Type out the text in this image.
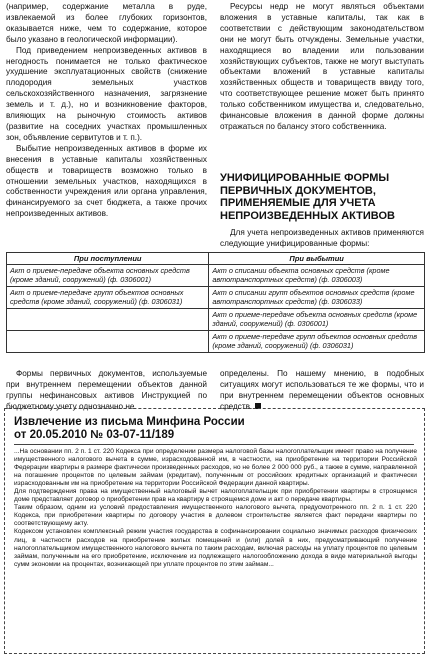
(например, содержание металла в руде, извлекаемой из более глубоких горизонтов, оказывается ниже, чем то содержание, которое было указано в геологической информации).

Под приведением непроизведенных активов в негодность понимается не только фактическое ухудшение эксплуатационных свойств (снижение плодородия земельных участков сельскохозяйственного назначения, загрязнение земель и т. д.), но и возникновение факторов, влияющих на рыночную стоимость активов (развитие на соседних участках промышленных зон, объявление сервитутов и т. п.).

Выбытие непроизведенных активов в форме их внесения в уставные капиталы хозяйственных обществ и товариществ возможно только в отношении земельных участков, находящихся в собственности учреждения или органа управления, финансируемого за счет бюджета, а также прочих непроизведенных активов.

Ресурсы недр не могут являться объектами вложения в уставные капиталы, так как в соответствии с действующим законодательством они не могут быть отчуждены. Земельные участки, находящиеся во владении или пользовании хозяйствующих субъектов, также не могут выступать объектами вложений в уставные капиталы хозяйственных обществ и товариществ ввиду того, что соответствующее решение может быть принято только собственником имущества и, следовательно, финансовые вложения в данной форме должны отражаться по балансу этого собственника.

УНИФИЦИРОВАННЫЕ ФОРМЫ ПЕРВИЧНЫХ ДОКУМЕНТОВ, ПРИМЕНЯЕМЫЕ ДЛЯ УЧЕТА НЕПРОИЗВЕДЕННЫХ АКТИВОВ

Для учета непроизведенных активов применяются следующие унифицированные формы:

При поступлении	При выбытии
Акт о приеме-передаче объекта основных средств (кроме зданий, сооружений) (ф. 0306001)	Акт о списании объекта основных средств (кроме автотранспортных средств) (ф. 0306003)
Акт о приеме-передаче групп объектов основных средств (кроме зданий, сооружений) (ф. 0306031)	Акт о списании групп объектов основных средств (кроме автотранспортных средств) (ф. 0306033)
	Акт о приеме-передаче объекта основных средств (кроме зданий, сооружений) (ф. 0306001)
	Акт о приеме-передаче групп объектов основных средств (кроме зданий, сооружений) (ф. 0306031)

Формы первичных документов, используемые при внутреннем перемещении объектов данной группы нефинансовых активов Инструкцией по бюджетному учету однозначно не

определены. По нашему мнению, в подобных ситуациях могут использоваться те же формы, что и при внутреннем перемещении объектов основных средств.

Извлечение из письма Минфина России
от 20.05.2010 № 03-07-11/189

...На основании пп. 2 п. 1 ст. 220 Кодекса при определении размера налоговой базы налогоплательщик имеет право на получение имущественного налогового вычета в сумме, израсходованной им, в частности, на приобретение на территории Российской Федерации квартиры в размере фактически произведенных расходов, но не более 2 000 000 руб., а также в сумме, направленной на погашение процентов по целевым займам (кредитам), полученным от российских кредитных организаций и фактически израсходованным им на приобретение на территории Российской Федерации данной квартиры.

Для подтверждения права на имущественный налоговый вычет налогоплательщик при приобретении квартиры в строящемся доме представляет договор о приобретении прав на квартиру в строящемся доме и акт о передаче квартиры.

Таким образом, одним из условий предоставления имущественного налогового вычета, предусмотренного пп. 2 п. 1 ст. 220 Кодекса, при приобретении квартиры по договору участия в долевом строительстве является факт передачи квартиры по соответствующему акту.

Кодексом установлен комплексный режим участия государства в софинансировании социально значимых расходов физических лиц, в частности расходов на приобретение жилых помещений и (или) долей в них, предусматривающий получение налогоплательщиком имущественного налогового вычета по таким расходам, включая расходы на уплату процентов по целевым займам, полученным на его приобретение, исключение из подлежащего налогообложению дохода в виде материальной выгоды сумм экономии на процентах, возникающей при уплате процентов по этим займам...
